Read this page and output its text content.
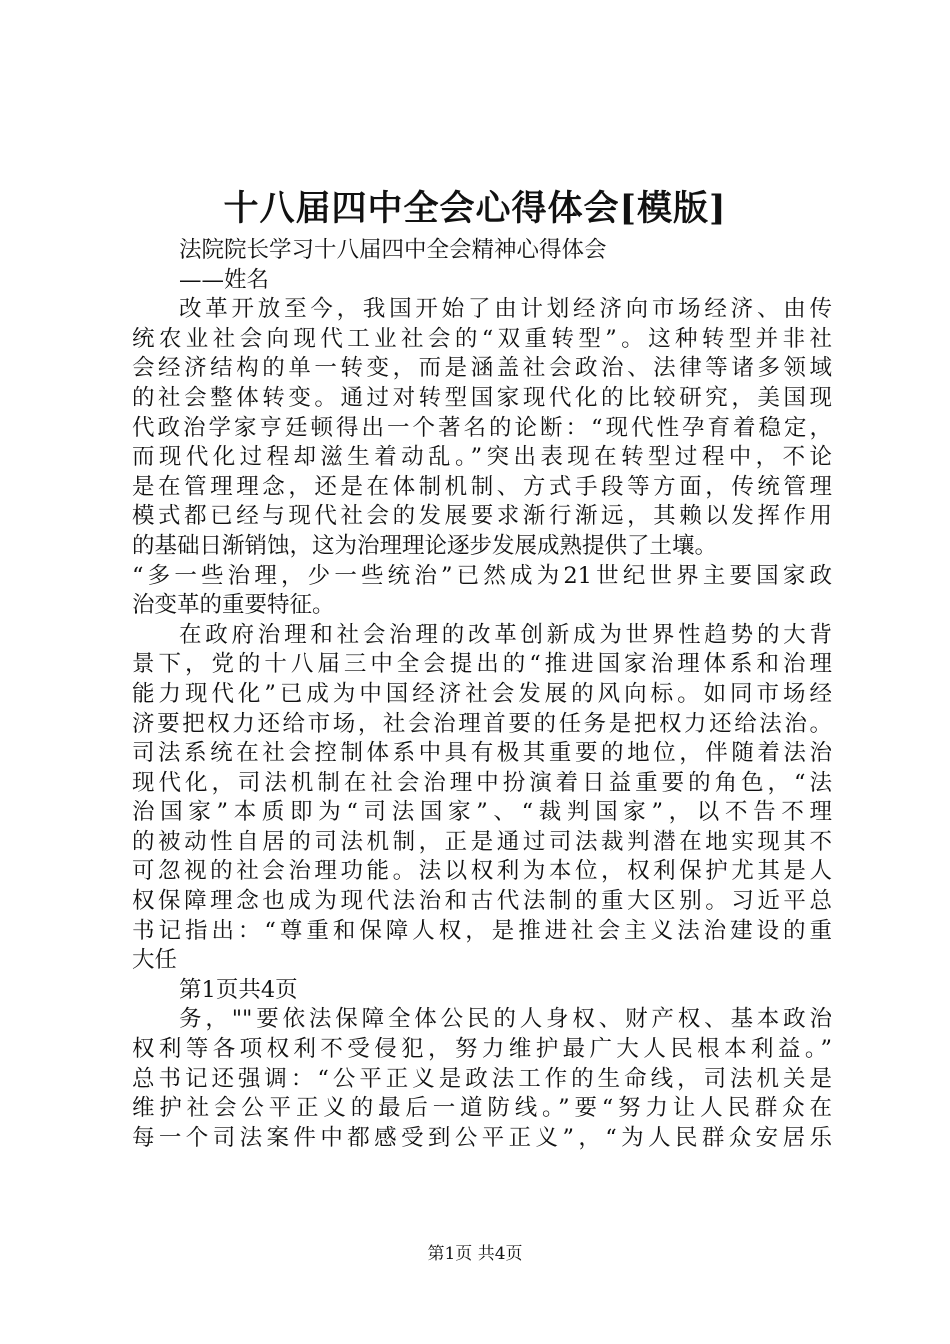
十八届四中全会心得体会[模版]
法院院长学习十八届四中全会精神心得体会
——姓名
改革开放至今，我国开始了由计划经济向市场经济、由传
统农业社会向现代工业社会的“双重转型”。这种转型并非社
会经济结构的单一转变，而是涵盖社会政治、法律等诸多领域
的社会整体转变。通过对转型国家现代化的比较研究，美国现
代政治学家亨廷顿得出一个著名的论断：“现代性孕育着稳定，
而现代化过程却滋生着动乱。”突出表现在转型过程中，不论
是在管理理念，还是在体制机制、方式手段等方面，传统管理
模式都已经与现代社会的发展要求渐行渐远，其赖以发挥作用
的基础日渐销蚀，这为治理理论逐步发展成熟提供了土壤。
“多一些治理，少一些统治”已然成为21世纪世界主要国家政
治变革的重要特征。
在政府治理和社会治理的改革创新成为世界性趋势的大背
景下，党的十八届三中全会提出的“推进国家治理体系和治理
能力现代化”已成为中国经济社会发展的风向标。如同市场经
济要把权力还给市场，社会治理首要的任务是把权力还给法治。
司法系统在社会控制体系中具有极其重要的地位，伴随着法治
现代化，司法机制在社会治理中扮演着日益重要的角色，“法
治国家”本质即为“司法国家”、“裁判国家”，以不告不理
的被动性自居的司法机制，正是通过司法裁判潜在地实现其不
可忽视的社会治理功能。法以权利为本位，权利保护尤其是人
权保障理念也成为现代法治和古代法制的重大区别。习近平总
书记指出：“尊重和保障人权，是推进社会主义法治建设的重
大任
第1页共4页
务，""要依法保障全体公民的人身权、财产权、基本政治
权利等各项权利不受侵犯，努力维护最广大人民根本利益。”
总书记还强调：“公平正义是政法工作的生命线，司法机关是
维护社会公平正义的最后一道防线。”要“努力让人民群众在
每一个司法案件中都感受到公平正义”，“为人民群众安居乐
第1页 共4页
